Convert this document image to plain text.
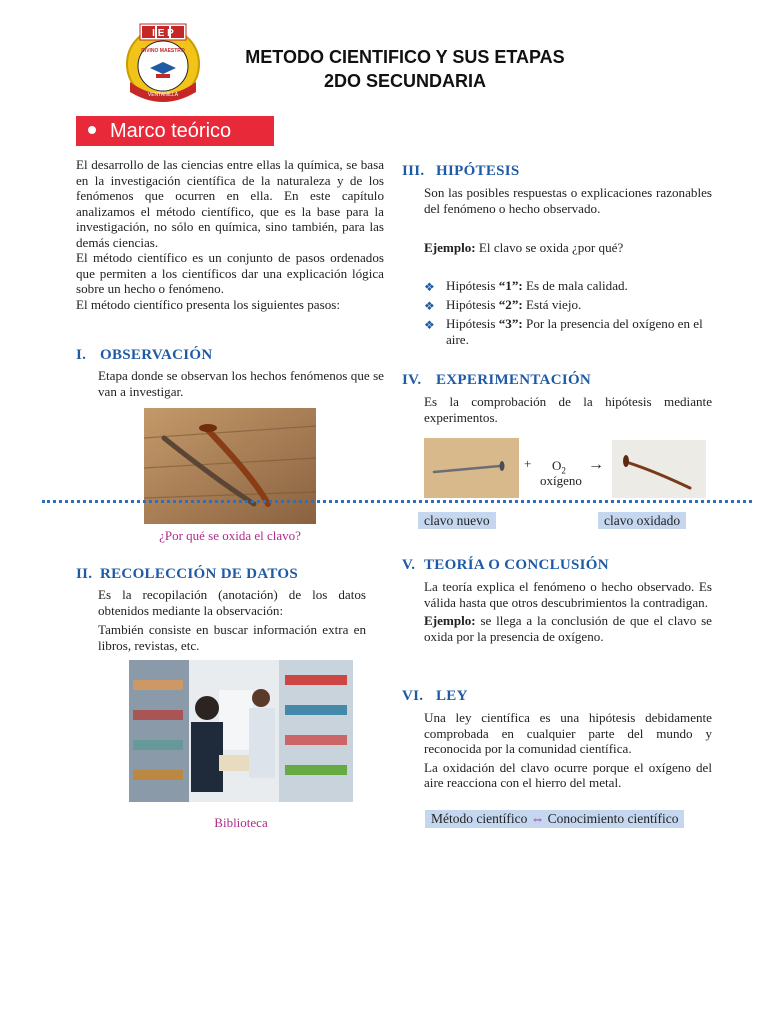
I E P
VENTANILLA
DIVINO MAESTRO	METODO CIENTIFICO Y SUS ETAPAS
2DO SECUNDARIA
Marco teórico

El desarrollo de las ciencias entre ellas la química, se basa en la investigación científica de la naturaleza y de los fenómenos que ocurren en ella. En este capítulo analizamos el método científico, que es la base para la investigación, no sólo en química, sino también, para las demás ciencias.

El método científico es un conjunto de pasos ordenados que permiten a los científicos dar una explicación lógica sobre un hecho o fenómeno.

El método científico presenta los siguientes pasos:

I. OBSERVACIÓN

Etapa donde se observan los hechos fenómenos que se van a investigar.

¿Por qué se oxida el clavo?
II. RECOLECCIÓN DE DATOS

Es la recopilación (anotación) de los datos obtenidos mediante la observación:

También consiste en buscar información extra en libros, revistas, etc.

Biblioteca
III. HIPÓTESIS

Son las posibles respuestas o explicaciones razonables del fenómeno o hecho observado.

Ejemplo: El clavo se oxida ¿por qué?
❖ Hipótesis “1”: Es de mala calidad.
❖ Hipótesis “2”: Está viejo.
❖ Hipótesis “3”: Por la presencia del oxígeno en el aire.
IV. EXPERIMENTACIÓN

Es la comprobación de la hipótesis mediante experimentos.

+ $O_2$
oxígeno
→
clavo nuevo	clavo oxidado
V. TEORÍA O CONCLUSIÓN

La teoría explica el fenómeno o hecho observado. Es válida hasta que otros descubrimientos la contradigan.

Ejemplo: se llega a la conclusión de que el clavo se oxida por la presencia de oxígeno.

VI. LEY

Una ley científica es una hipótesis debidamente comprobada en cualquier parte del mundo y reconocida por la comunidad científica.

La oxidación del clavo ocurre porque el oxígeno del aire reacciona con el hierro del metal.

Método científico ⇔ Conocimiento científico
